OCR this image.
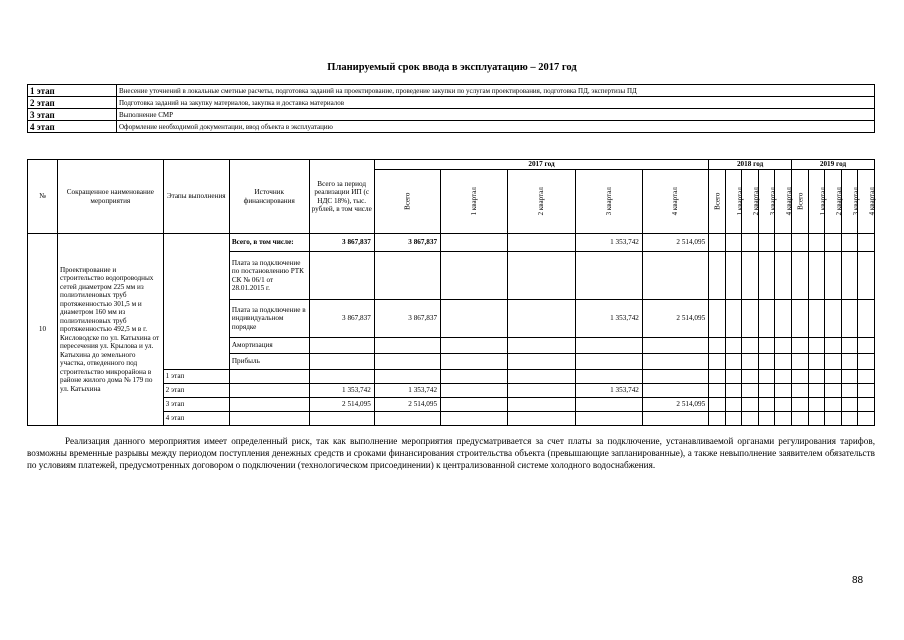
Планируемый срок ввода в эксплуатацию – 2017 год
1 этап	Внесение уточнений в локальные сметные расчеты, подготовка заданий на проектирование, проведение закупки по услугам проектирования, подготовка ПД, экспертизы ПД
2 этап	Подготовка заданий на закупку материалов, закупка и доставка материалов
3 этап	Выполнение СМР
4 этап	Оформление необходимой документации, ввод объекта в эксплуатацию
№	Сокращенное наименование мероприятия	Этапы выполнения	Источник финансирования	Всего за период реализации ИП (с НДС 18%), тыс. рублей, в том числе	2017 год					2018 год					2019 год				
					Всего	1 квартал	2 квартал	3 квартал	4 квартал	Всего	1 квартал	2 квартал	3 квартал	4 квартал	Всего	1 квартал	2 квартал	3 квартал	4 квартал
10	Проектирование и строительство водопроводных сетей диаметром 225 мм из полиэтиленовых труб протяженностью 301,5 м и диаметром 160 мм из полиэтиленовых труб протяженностью 492,5 м в г. Кисловодске по ул. Катыхина от пересечения ул. Крылова и ул. Катыхина до земельного участка, отведенного под строительство микрорайона в районе жилого дома № 179 по ул. Катыхина		Всего, в том числе:	3 867,837	3 867,837			1 353,742	2 514,095										
			Плата за подключение по постановлению РТК СК № 06/1 от 28.01.2015 г.																
			Плата за подключение в индивидуальном порядке	3 867,837	3 867,837			1 353,742	2 514,095										
			Амортизация																
			Прибыль																
		1 этап																	
		2 этап		1 353,742	1 353,742			1 353,742											
		3 этап		2 514,095	2 514,095				2 514,095										
		4 этап																	
Реализация данного мероприятия имеет определенный риск, так как выполнение мероприятия предусматривается за счет платы за подключение, устанавливаемой органами регулирования тарифов, возможны временные разрывы между периодом поступления денежных средств и сроками финансирования строительства объекта (превышающие запланированные), а также невыполнение заявителем обязательств по условиям платежей, предусмотренных договором о подключении (технологическом присоединении) к централизованной системе холодного водоснабжения.
88
